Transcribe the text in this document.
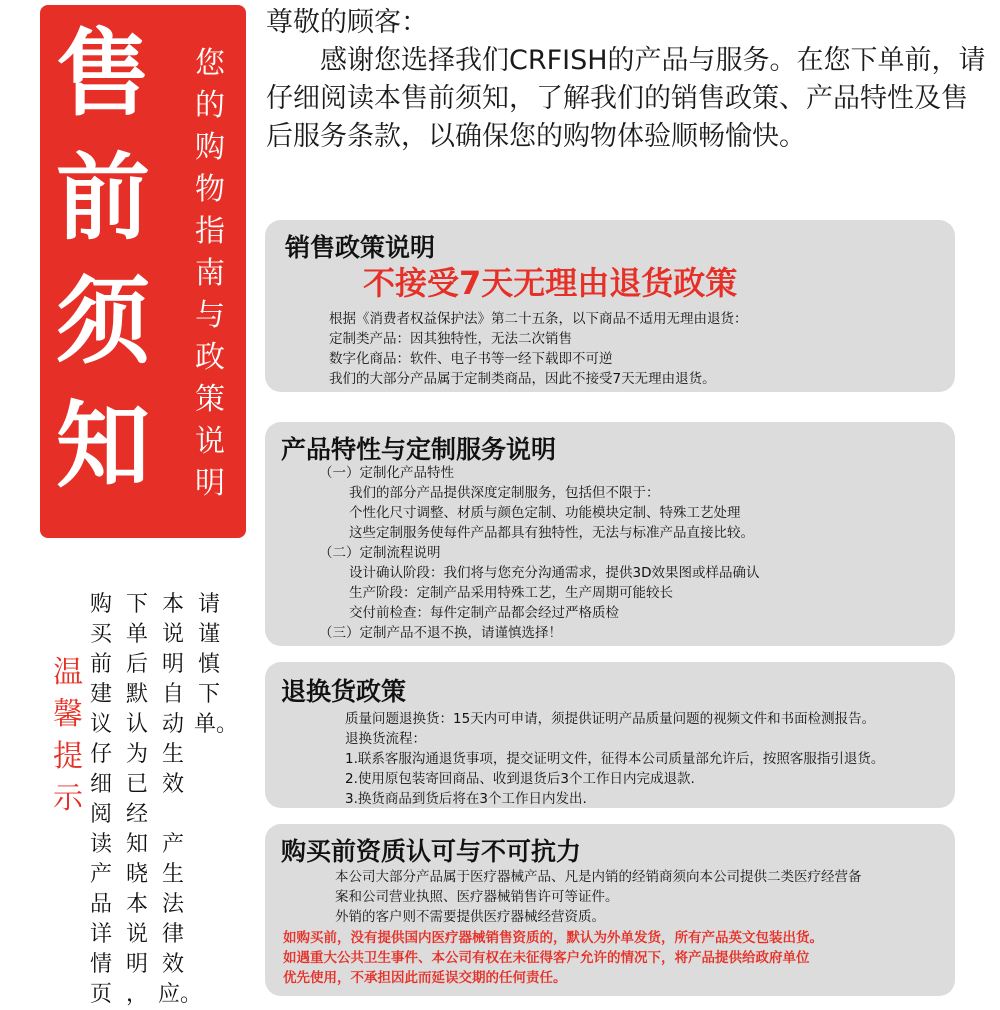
售
前
须
知
您
的
购
物
指
南
与
政
策
说
明

尊敬的顾客：

感谢您选择我们CRFISH的产品与服务。在您下单前，请仔细阅读本售前须知，了解我们的销售政策、产品特性及售后服务条款，以确保您的购物体验顺畅愉快。

温
馨
提
示
购
买
前
建
议
仔
细
阅
读
产
品
详
情
页
下
单
后
默
认
为
已
经
知
晓
本
说
明
，
本
说
明
自
动
生
效

产
生
法
律
效
应。
请
谨
慎
下
单。
销售政策说明
不接受7天无理由退货政策
根据《消费者权益保护法》第二十五条，以下商品不适用无理由退货：
定制类产品：因其独特性，无法二次销售
数字化商品：软件、电子书等一经下载即不可逆
我们的大部分产品属于定制类商品，因此不接受7天无理由退货。
产品特性与定制服务说明
（一）定制化产品特性
我们的部分产品提供深度定制服务，包括但不限于：
个性化尺寸调整、材质与颜色定制、功能模块定制、特殊工艺处理
这些定制服务使每件产品都具有独特性，无法与标准产品直接比较。
（二）定制流程说明
设计确认阶段：我们将与您充分沟通需求，提供3D效果图或样品确认
生产阶段：定制产品采用特殊工艺，生产周期可能较长
交付前检查：每件定制产品都会经过严格质检
（三）定制产品不退不换，请谨慎选择！
退换货政策
质量问题退换货：15天内可申请，须提供证明产品质量问题的视频文件和书面检测报告。
退换货流程：
1.联系客服沟通退货事项，提交证明文件，征得本公司质量部允许后，按照客服指引退货。
2.使用原包装寄回商品、收到退货后3个工作日内完成退款.
3.换货商品到货后将在3个工作日内发出.
购买前资质认可与不可抗力
本公司大部分产品属于医疗器械产品、凡是内销的经销商须向本公司提供二类医疗经营备
案和公司营业执照、医疗器械销售许可等证件。
外销的客户则不需要提供医疗器械经营资质。
如购买前，没有提供国内医疗器械销售资质的，默认为外单发货，所有产品英文包装出货。
如遇重大公共卫生事件、本公司有权在未征得客户允许的情况下，将产品提供给政府单位
优先使用，不承担因此而延误交期的任何责任。
